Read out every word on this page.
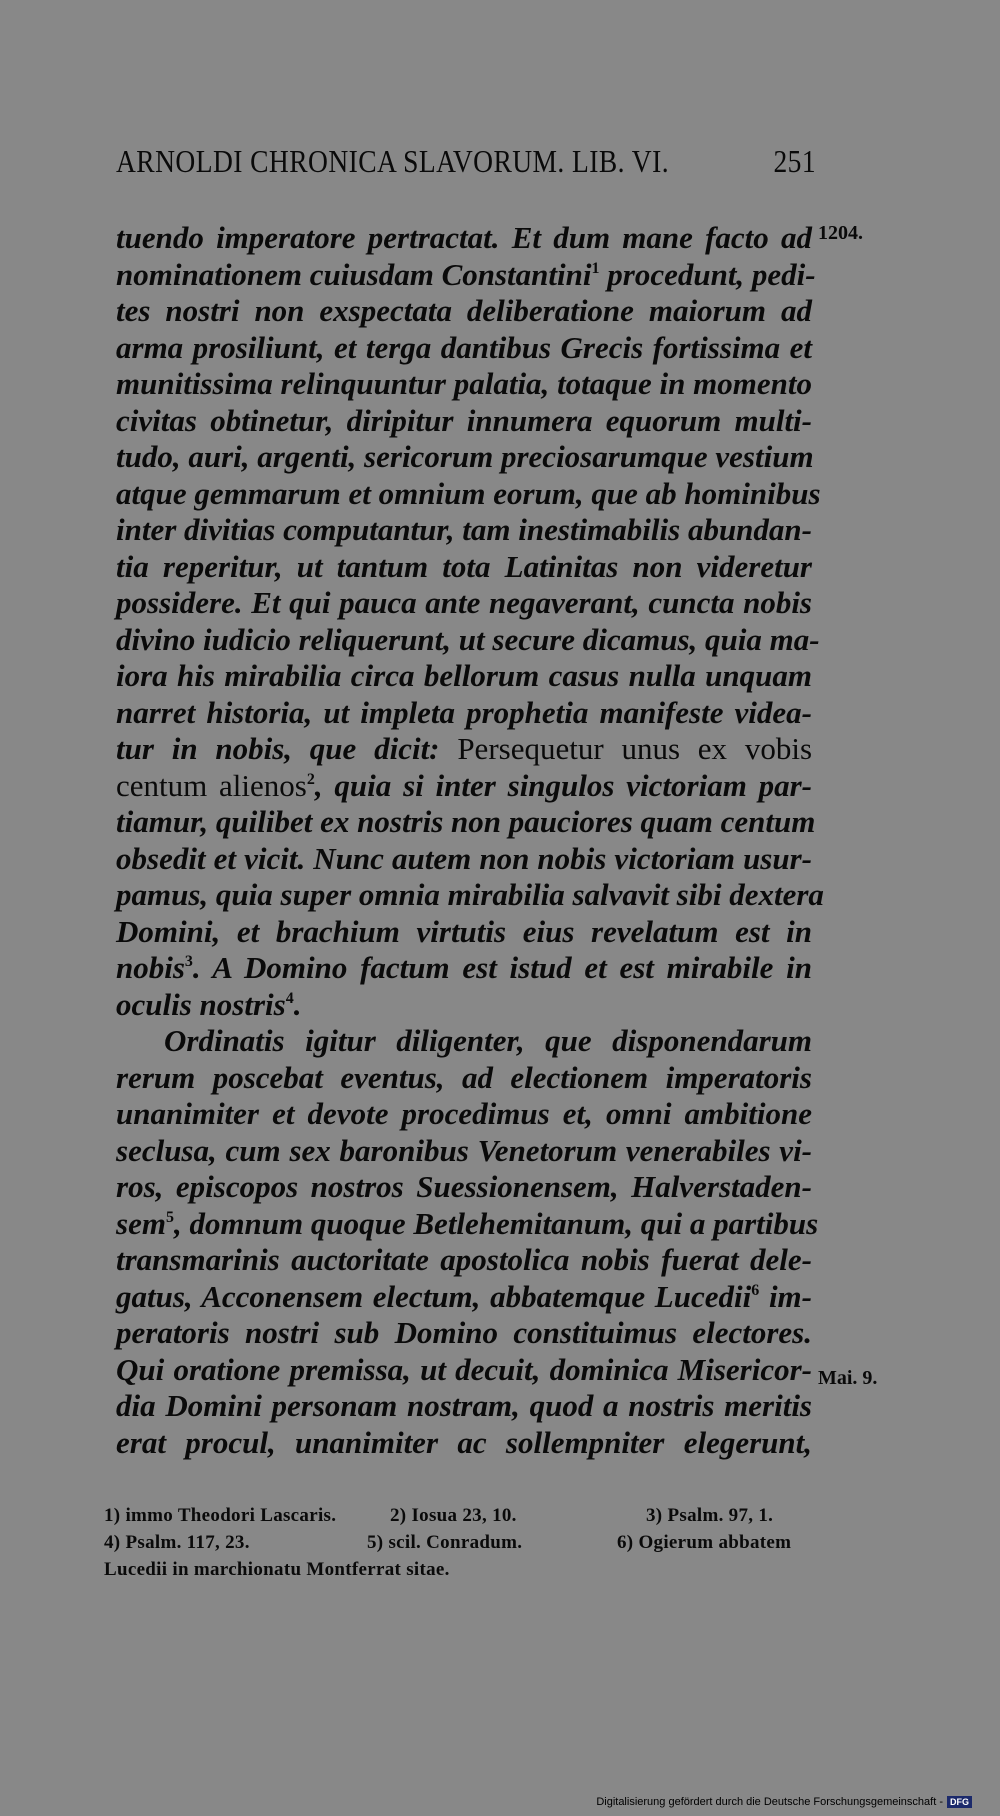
ARNOLDI CHRONICA SLAVORUM. LIB. VI.	251
1204.
Mai. 9.
tuendo imperatore pertractat. Et dum mane facto ad
nominationem cuiusdam Constantini$^1$ procedunt, pedi-
tes nostri non exspectata deliberatione maiorum ad
arma prosiliunt, et terga dantibus Grecis fortissima et
munitissima relinquuntur palatia, totaque in momento
civitas obtinetur, diripitur innumera equorum multi-
tudo, auri, argenti, sericorum preciosarumque vestium
atque gemmarum et omnium eorum, que ab hominibus
inter divitias computantur, tam inestimabilis abundan-
tia reperitur, ut tantum tota Latinitas non videretur
possidere. Et qui pauca ante negaverant, cuncta nobis
divino iudicio reliquerunt, ut secure dicamus, quia ma-
iora his mirabilia circa bellorum casus nulla unquam
narret historia, ut impleta prophetia manifeste videa-
tur in nobis, que dicit: Persequetur unus ex vobis
centum alienos$^2$, quia si inter singulos victoriam par-
tiamur, quilibet ex nostris non pauciores quam centum
obsedit et vicit. Nunc autem non nobis victoriam usur-
pamus, quia super omnia mirabilia salvavit sibi dextera
Domini, et brachium virtutis eius revelatum est in
nobis$^3$. A Domino factum est istud et est mirabile in
oculis nostris$^4$.
Ordinatis igitur diligenter, que disponendarum
rerum poscebat eventus, ad electionem imperatoris
unanimiter et devote procedimus et, omni ambitione
seclusa, cum sex baronibus Venetorum venerabiles vi-
ros, episcopos nostros Suessionensem, Halverstaden-
sem$^5$, domnum quoque Betlehemitanum, qui a partibus
transmarinis auctoritate apostolica nobis fuerat dele-
gatus, Acconensem electum, abbatemque Lucedii$^6$ im-
peratoris nostri sub Domino constituimus electores.
Qui oratione premissa, ut decuit, dominica Misericor-
dia Domini personam nostram, quod a nostris meritis
erat procul, unanimiter ac sollempniter elegerunt,
1) immo Theodori Lascaris.	2) Iosua 23, 10.	3) Psalm. 97, 1.
4) Psalm. 117, 23.	5) scil. Conradum.	6) Ogierum abbatem
Lucedii in marchionatu Montferrat sitae.
Digitalisierung gefördert durch die Deutsche Forschungsgemeinschaft - DFG
